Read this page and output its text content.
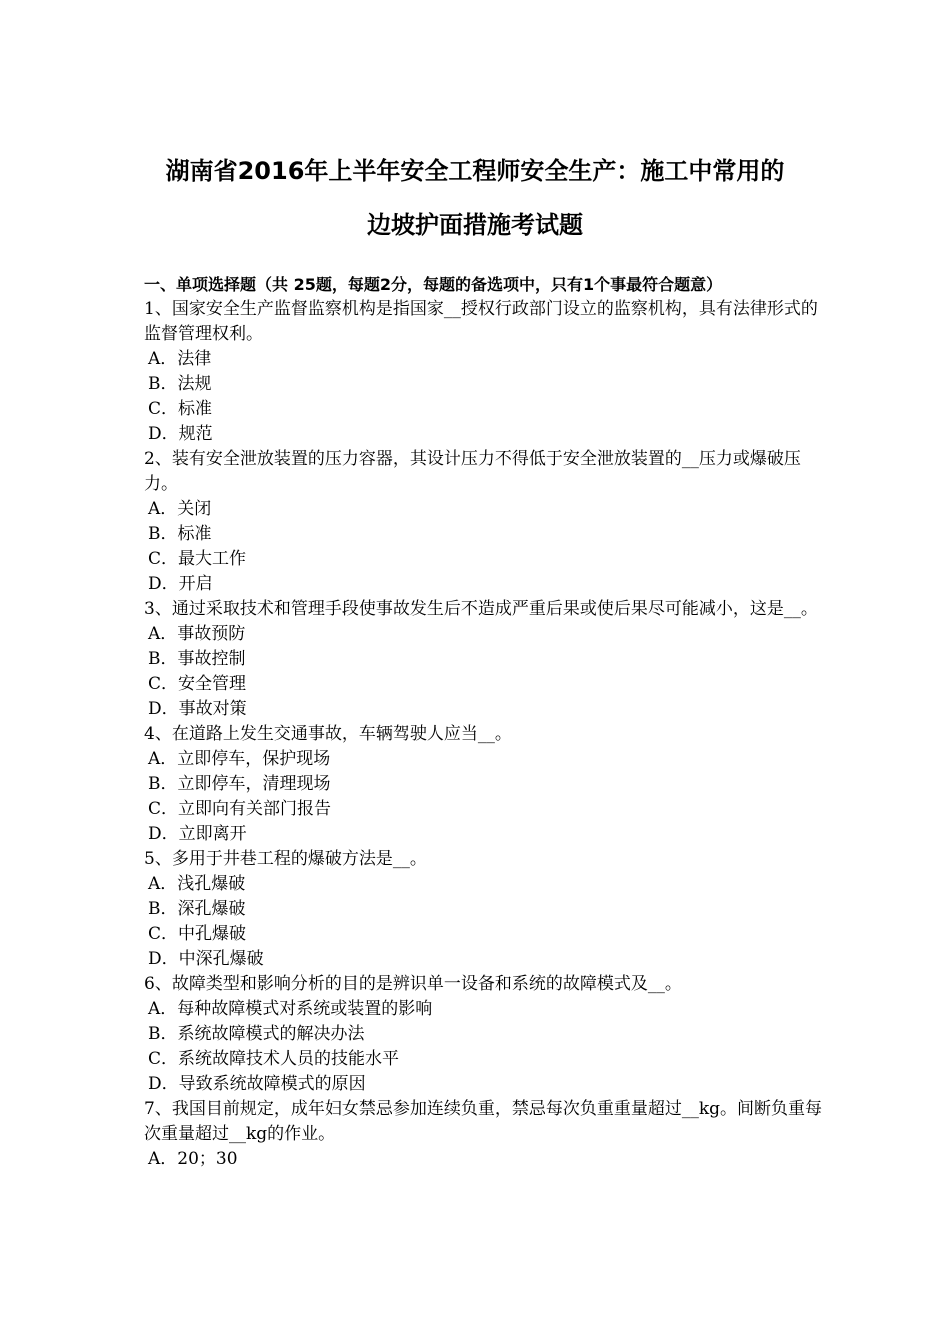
湖南省2016年上半年安全工程师安全生产：施工中常用的
边坡护面措施考试题
一、单项选择题（共 25题，每题2分，每题的备选项中，只有1个事最符合题意）

1、国家安全生产监督监察机构是指国家__授权行政部门设立的监察机构，具有法律形式的监督管理权利。

A．法律

B．法规

C．标准

D．规范

2、装有安全泄放装置的压力容器，其设计压力不得低于安全泄放装置的__压力或爆破压力。

A．关闭

B．标准

C．最大工作

D．开启

3、通过采取技术和管理手段使事故发生后不造成严重后果或使后果尽可能减小，这是__。

A．事故预防

B．事故控制

C．安全管理

D．事故对策

4、在道路上发生交通事故，车辆驾驶人应当__。

A．立即停车，保护现场

B．立即停车，清理现场

C．立即向有关部门报告

D．立即离开

5、多用于井巷工程的爆破方法是__。

A．浅孔爆破

B．深孔爆破

C．中孔爆破

D．中深孔爆破

6、故障类型和影响分析的目的是辨识单一设备和系统的故障模式及__。

A．每种故障模式对系统或装置的影响

B．系统故障模式的解决办法

C．系统故障技术人员的技能水平

D．导致系统故障模式的原因

7、我国目前规定，成年妇女禁忌参加连续负重，禁忌每次负重重量超过__kg。间断负重每次重量超过__kg的作业。

A．20；30
